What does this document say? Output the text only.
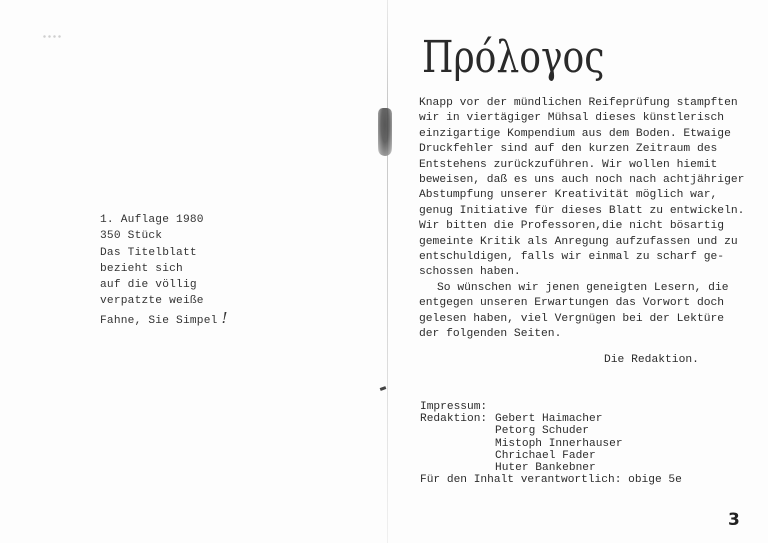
1. Auflage 1980
350 Stück
Das Titelblatt
bezieht sich
auf die völlig
verpatzte weiße
Fahne, Sie Simpel !
Πρόλογος
Knapp vor der mündlichen Reifeprüfung stampften
wir in viertägiger Mühsal dieses künstlerisch
einzigartige Kompendium aus dem Boden. Etwaige
Druckfehler sind auf den kurzen Zeitraum des
Entstehens zurückzuführen. Wir wollen hiemit
beweisen, daß es uns auch noch nach achtjähriger
Abstumpfung unserer Kreativität möglich war,
genug Initiative für dieses Blatt zu entwickeln.
Wir bitten die Professoren,die nicht bösartig
gemeinte Kritik als Anregung aufzufassen und zu
entschuldigen, falls wir einmal zu scharf ge-
schossen haben.
So wünschen wir jenen geneigten Lesern, die
entgegen unseren Erwartungen das Vorwort doch
gelesen haben, viel Vergnügen bei der Lektüre
der folgenden Seiten.
Die Redaktion.
Impressum:
Redaktion: Gebert Haimacher
Petorg Schuder
Mistoph Innerhauser
Chrichael Fader
Huter Bankebner
Für den Inhalt verantwortlich: obige 5e
3
